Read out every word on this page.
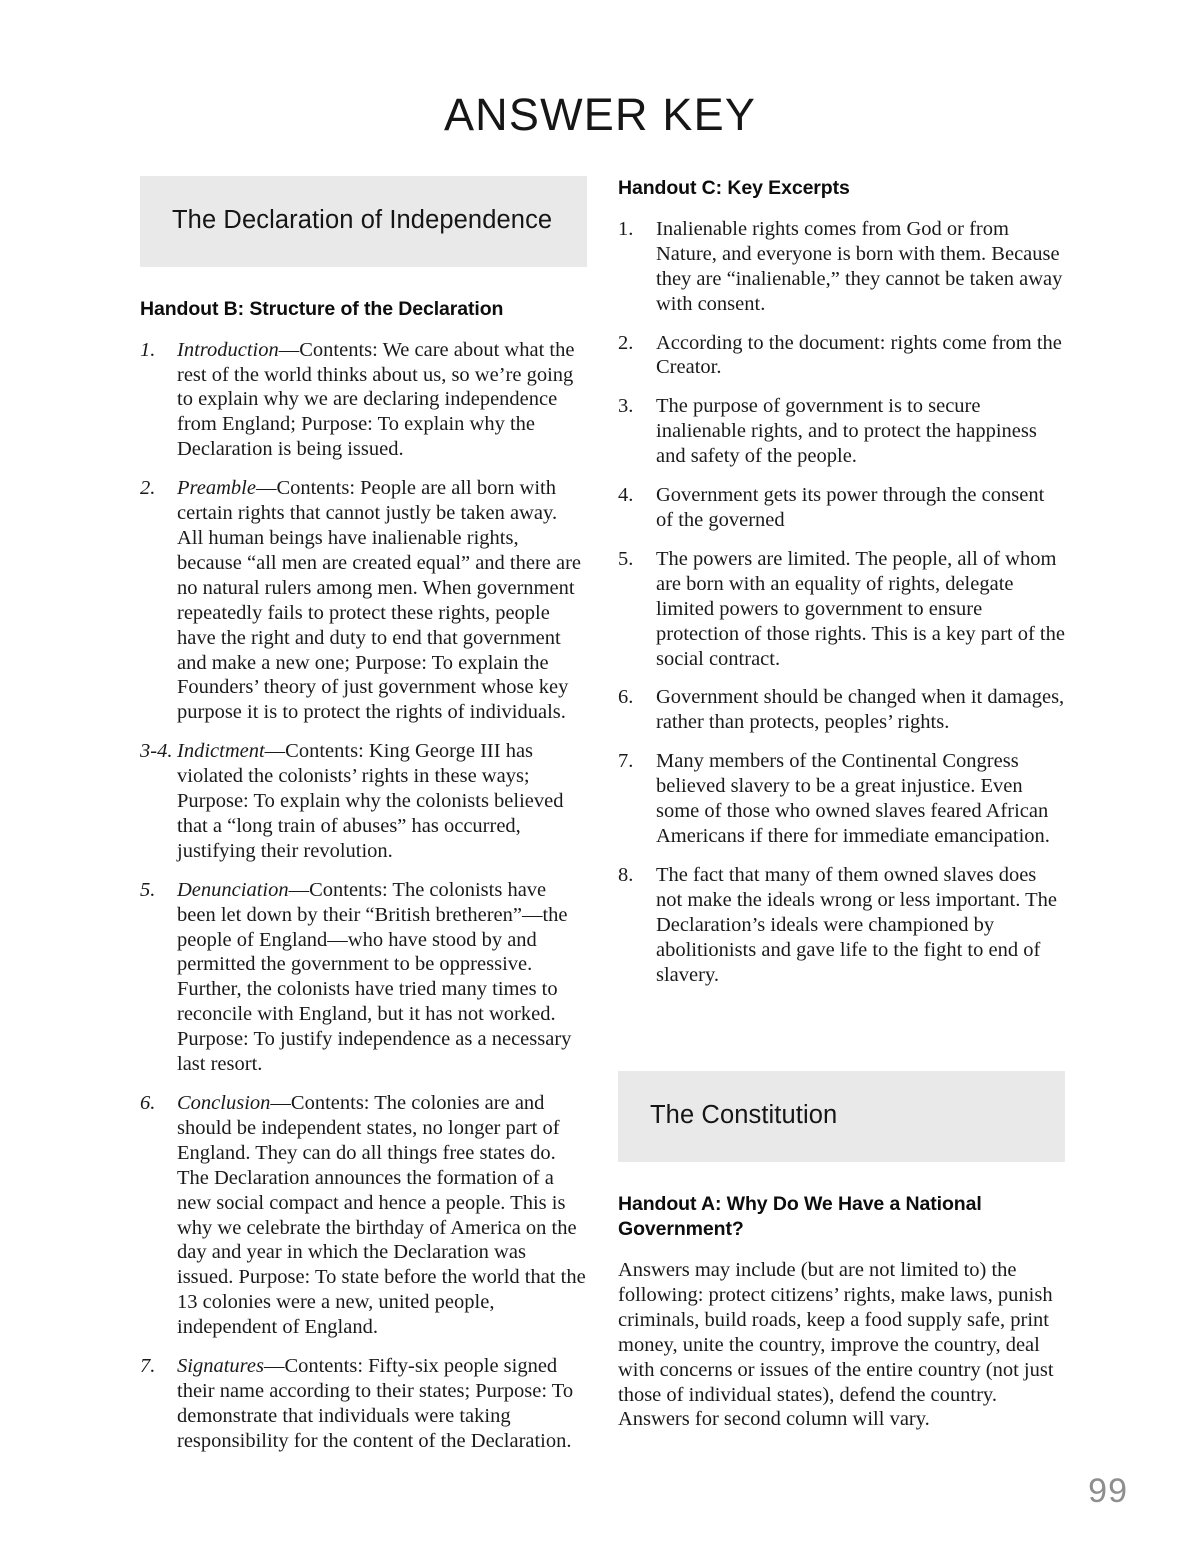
ANSWER KEY
The Declaration of Independence
Handout B: Structure of the Declaration
1.	Introduction—Contents: We care about what the rest of the world thinks about us, so we’re going to explain why we are declaring independence from England; Purpose: To explain why the Declaration is being issued.
2.	Preamble—Contents: People are all born with certain rights that cannot justly be taken away. All human beings have inalienable rights, because “all men are created equal” and there are no natural rulers among men. When government repeatedly fails to protect these rights, people have the right and duty to end that government and make a new one; Purpose: To explain the Founders’ theory of just government whose key purpose it is to protect the rights of individuals.
3-4. Indictment—Contents: King George III has violated the colonists’ rights in these ways; Purpose: To explain why the colonists believed that a “long train of abuses” has occurred, justifying their revolution.
5.	Denunciation—Contents: The colonists have been let down by their “British bretheren”—the people of England—who have stood by and permitted the government to be oppressive. Further, the colonists have tried many times to reconcile with England, but it has not worked. Purpose: To justify independence as a necessary last resort.
6.	Conclusion—Contents: The colonies are and should be independent states, no longer part of England. They can do all things free states do. The Declaration announces the formation of a new social compact and hence a people. This is why we celebrate the birthday of America on the day and year in which the Declaration was issued. Purpose: To state before the world that the 13 colonies were a new, united people, independent of England.
7.	Signatures—Contents: Fifty-six people signed their name according to their states; Purpose: To demonstrate that individuals were taking responsibility for the content of the Declaration.
Handout C: Key Excerpts
1.	Inalienable rights comes from God or from Nature, and everyone is born with them. Because they are “inalienable,” they cannot be taken away with consent.
2.	According to the document: rights come from the Creator.
3.	The purpose of government is to secure inalienable rights, and to protect the happiness and safety of the people.
4.	Government gets its power through the consent of the governed
5.	The powers are limited. The people, all of whom are born with an equality of rights, delegate limited powers to government to ensure protection of those rights. This is a key part of the social contract.
6.	Government should be changed when it damages, rather than protects, peoples’ rights.
7.	Many members of the Continental Congress believed slavery to be a great injustice. Even some of those who owned slaves feared African Americans if there for immediate emancipation.
8.	The fact that many of them owned slaves does not make the ideals wrong or less important. The Declaration’s ideals were championed by abolitionists and gave life to the fight to end of slavery.
The Constitution
Handout A: Why Do We Have a National Government?

Answers may include (but are not limited to) the following: protect citizens’ rights, make laws, punish criminals, build roads, keep a food supply safe, print money, unite the country, improve the country, deal with concerns or issues of the entire country (not just those of individual states), defend the country. Answers for second column will vary.

99
